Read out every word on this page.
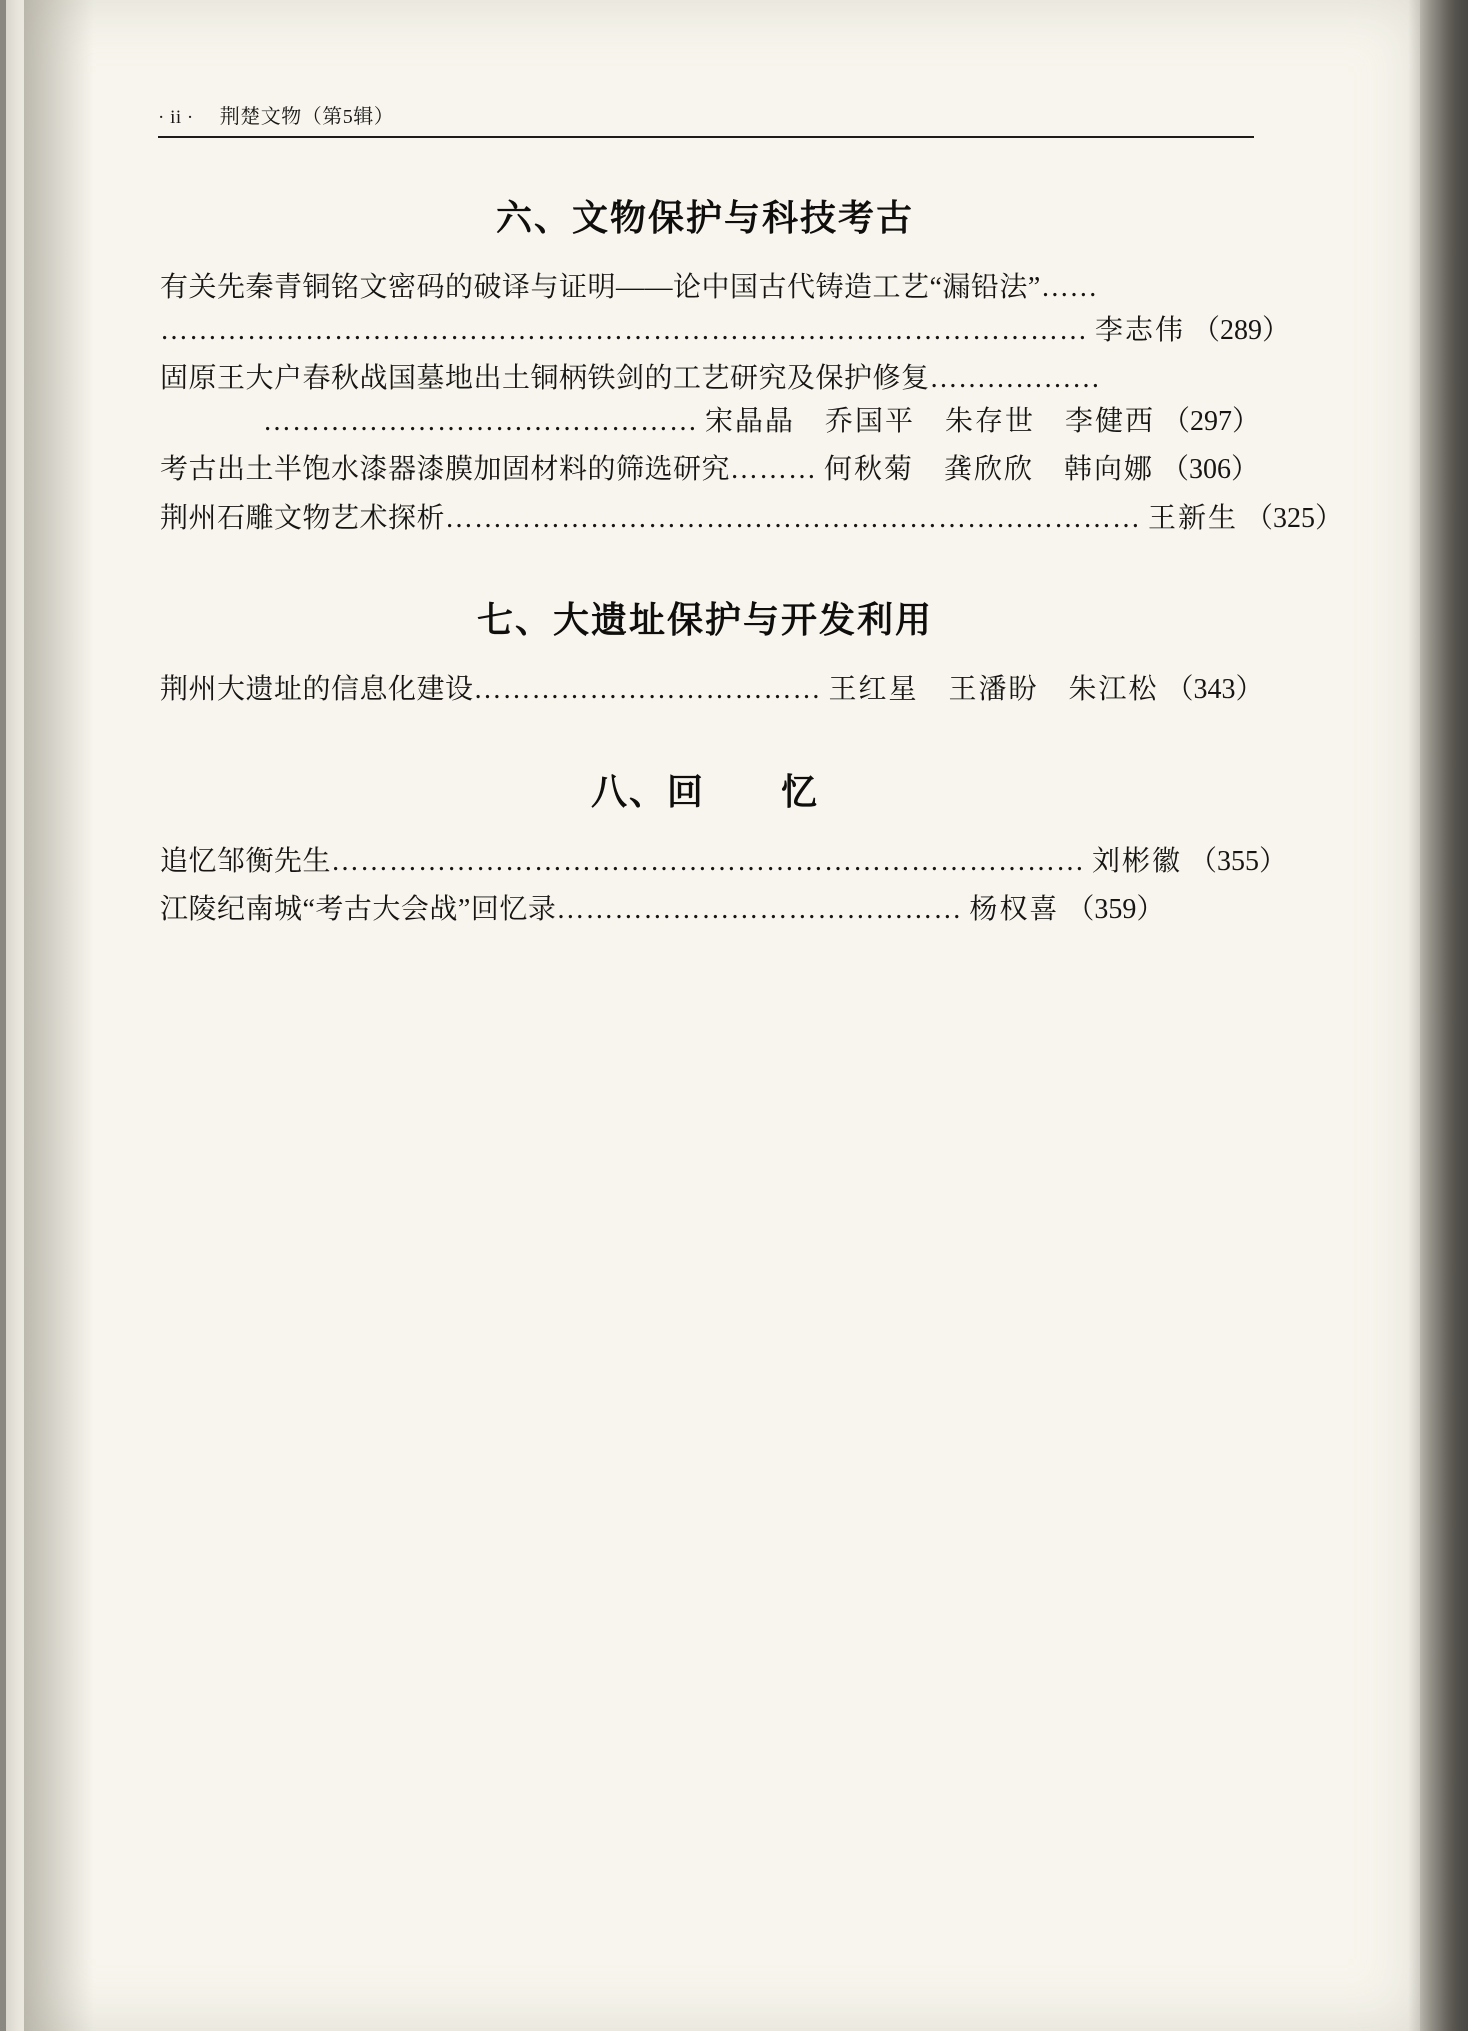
· ii · 荆楚文物（第5辑）
六、文物保护与科技考古
有关先秦青铜铭文密码的破译与证明——论中国古代铸造工艺“漏铅法”……
…………………………………………………………………………………… 李志伟 （289）
固原王大户春秋战国墓地出土铜柄铁剑的工艺研究及保护修复………………
……………………………………… 宋晶晶　乔国平　朱存世　李健西 （297）
考古出土半饱水漆器漆膜加固材料的筛选研究……… 何秋菊　龚欣欣　韩向娜 （306）
荆州石雕文物艺术探析……………………………………………………………… 王新生 （325）
七、大遗址保护与开发利用
荆州大遗址的信息化建设……………………………… 王红星　王潘盼　朱江松 （343）
八、回　　忆
追忆邹衡先生…………………………………………………………………… 刘彬徽 （355）
江陵纪南城“考古大会战”回忆录…………………………………… 杨权喜 （359）
